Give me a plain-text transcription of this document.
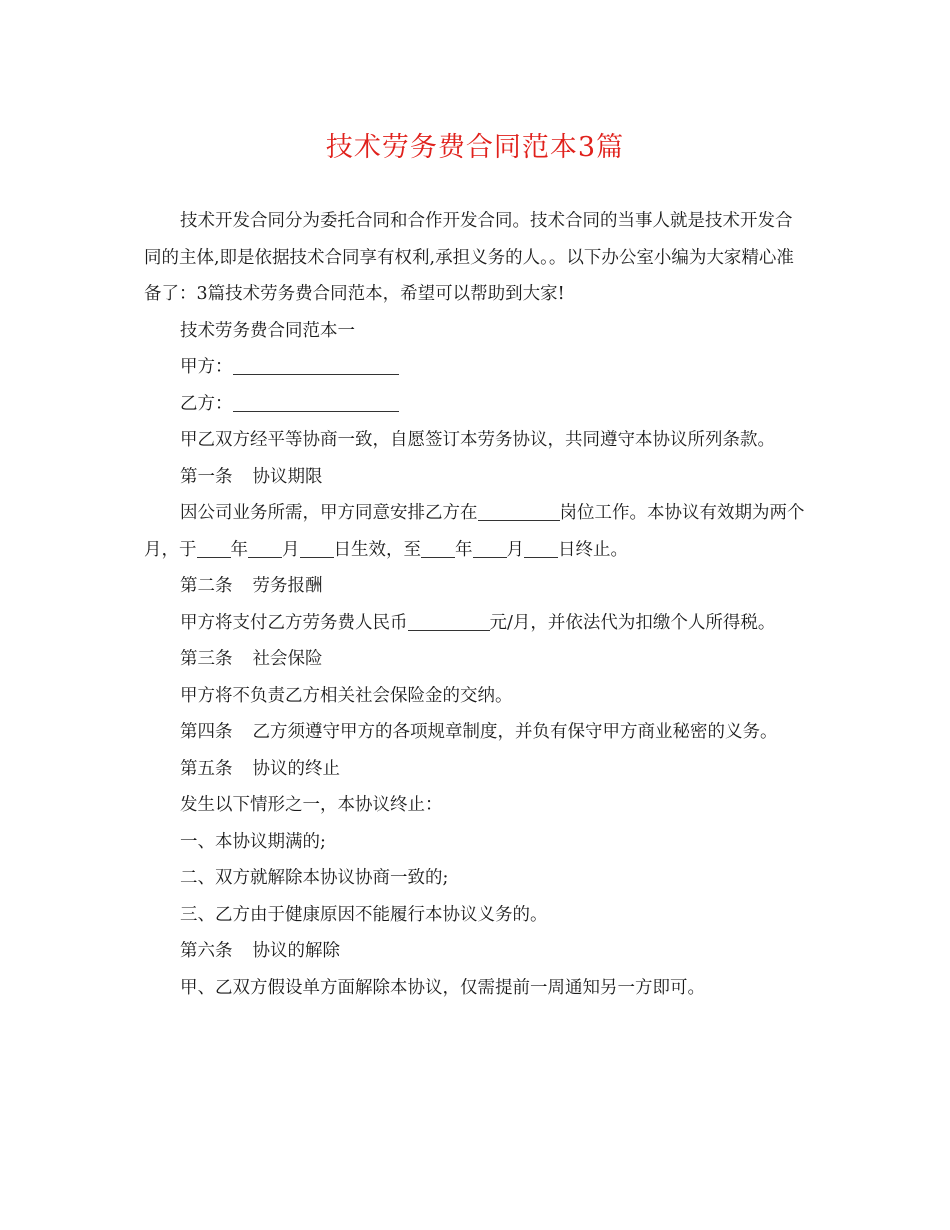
技术劳务费合同范本3篇

技术开发合同分为委托合同和合作开发合同。技术合同的当事人就是技术开发合同的主体,即是依据技术合同享有权利,承担义务的人。。以下办公室小编为大家精心准备了：3篇技术劳务费合同范本，希望可以帮助到大家!

技术劳务费合同范本一

甲方：

乙方：

甲乙双方经平等协商一致，自愿签订本劳务协议，共同遵守本协议所列条款。

第一条 协议期限

因公司业务所需，甲方同意安排乙方在	岗位工作。本协议有效期为两个月，于 年 月 日生效，至 年 月 日终止。

第二条 劳务报酬

甲方将支付乙方劳务费人民币	元/月，并依法代为扣缴个人所得税。

第三条 社会保险

甲方将不负责乙方相关社会保险金的交纳。

第四条 乙方须遵守甲方的各项规章制度，并负有保守甲方商业秘密的义务。

第五条 协议的终止

发生以下情形之一，本协议终止：

一、本协议期满的;

二、双方就解除本协议协商一致的;

三、乙方由于健康原因不能履行本协议义务的。

第六条 协议的解除

甲、乙双方假设单方面解除本协议，仅需提前一周通知另一方即可。
